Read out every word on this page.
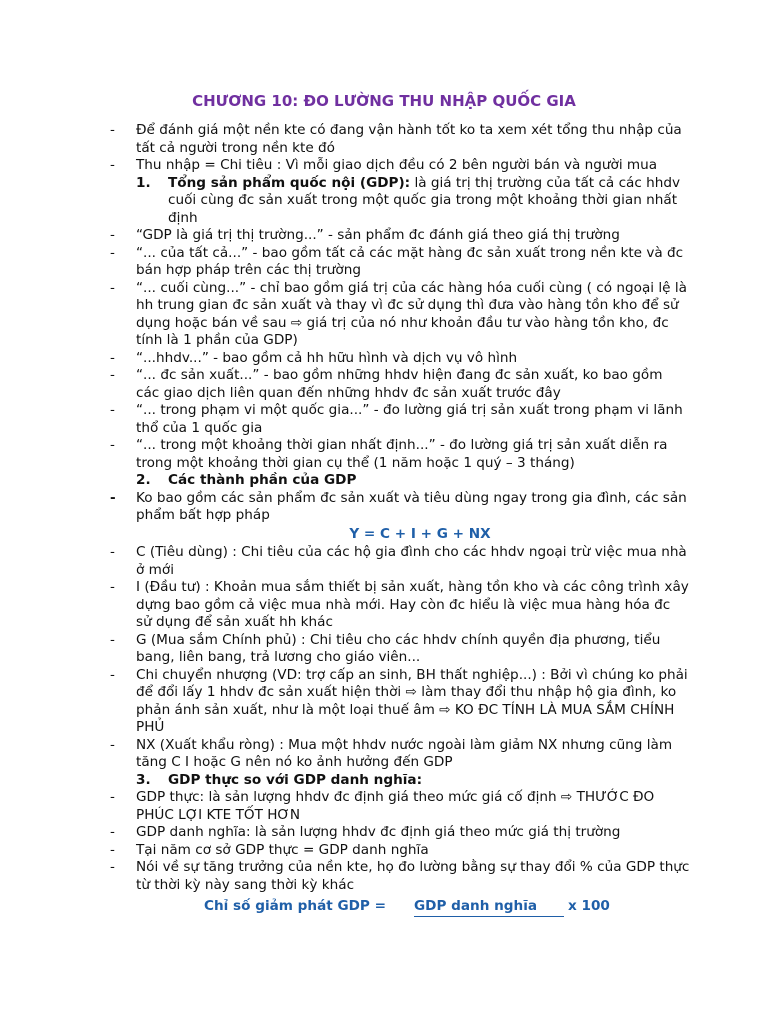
CHƯƠNG 10: ĐO LƯỜNG THU NHẬP QUỐC GIA
-	Để đánh giá một nền kte có đang vận hành tốt ko ta xem xét tổng thu nhập của tất cả người trong nền kte đó
-	Thu nhập = Chi tiêu : Vì mỗi giao dịch đều có 2 bên người bán và người mua
1.	Tổng sản phẩm quốc nội (GDP): là giá trị thị trường của tất cả các hhdv cuối cùng đc sản xuất trong một quốc gia trong một khoảng thời gian nhất định
-	“GDP là giá trị thị trường...” - sản phẩm đc đánh giá theo giá thị trường
-	“... của tất cả...” - bao gồm tất cả các mặt hàng đc sản xuất trong nền kte và đc bán hợp pháp trên các thị trường
-	“... cuối cùng...” - chỉ bao gồm giá trị của các hàng hóa cuối cùng ( có ngoại lệ là hh trung gian đc sản xuất và thay vì đc sử dụng thì đưa vào hàng tồn kho để sử dụng hoặc bán về sau ⇨ giá trị của nó như khoản đầu tư vào hàng tồn kho, đc tính là 1 phần của GDP)
-	“...hhdv...” - bao gồm cả hh hữu hình và dịch vụ vô hình
-	“... đc sản xuất...” - bao gồm những hhdv hiện đang đc sản xuất, ko bao gồm các giao dịch liên quan đến những hhdv đc sản xuất trước đây
-	“... trong phạm vi một quốc gia...” - đo lường giá trị sản xuất trong phạm vi lãnh thổ của 1 quốc gia
-	“... trong một khoảng thời gian nhất định...” - đo lường giá trị sản xuất diễn ra trong một khoảng thời gian cụ thể (1 năm hoặc 1 quý – 3 tháng)
2.	Các thành phần của GDP
-	Ko bao gồm các sản phẩm đc sản xuất và tiêu dùng ngay trong gia đình, các sản phẩm bất hợp pháp
Y = C + I + G + NX
-	C (Tiêu dùng) : Chi tiêu của các hộ gia đình cho các hhdv ngoại trừ việc mua nhà ở mới
-	I (Đầu tư) : Khoản mua sắm thiết bị sản xuất, hàng tồn kho và các công trình xây dựng bao gồm cả việc mua nhà mới. Hay còn đc hiểu là việc mua hàng hóa đc sử dụng để sản xuất hh khác
-	G (Mua sắm Chính phủ) : Chi tiêu cho các hhdv chính quyền địa phương, tiểu bang, liên bang, trả lương cho giáo viên...
-	Chi chuyển nhượng (VD: trợ cấp an sinh, BH thất nghiệp...) : Bởi vì chúng ko phải để đổi lấy 1 hhdv đc sản xuất hiện thời ⇨ làm thay đổi thu nhập hộ gia đình, ko phản ánh sản xuất, như là một loại thuế âm ⇨ KO ĐC TÍNH LÀ MUA SẮM CHÍNH PHỦ
-	NX (Xuất khẩu ròng) : Mua một hhdv nước ngoài làm giảm NX nhưng cũng làm tăng C I hoặc G nên nó ko ảnh hưởng đến GDP
3.	GDP thực so với GDP danh nghĩa:
-	GDP thực: là sản lượng hhdv đc định giá theo mức giá cố định ⇨ THƯỚC ĐO PHÚC LỢI KTE TỐT HƠN
-	GDP danh nghĩa: là sản lượng hhdv đc định giá theo mức giá thị trường
-	Tại năm cơ sở GDP thực = GDP danh nghĩa
-	Nói về sự tăng trưởng của nền kte, họ đo lường bằng sự thay đổi % của GDP thực từ thời kỳ này sang thời kỳ khác
Chỉ số giảm phát GDP =	GDP danh nghĩa	x 100
